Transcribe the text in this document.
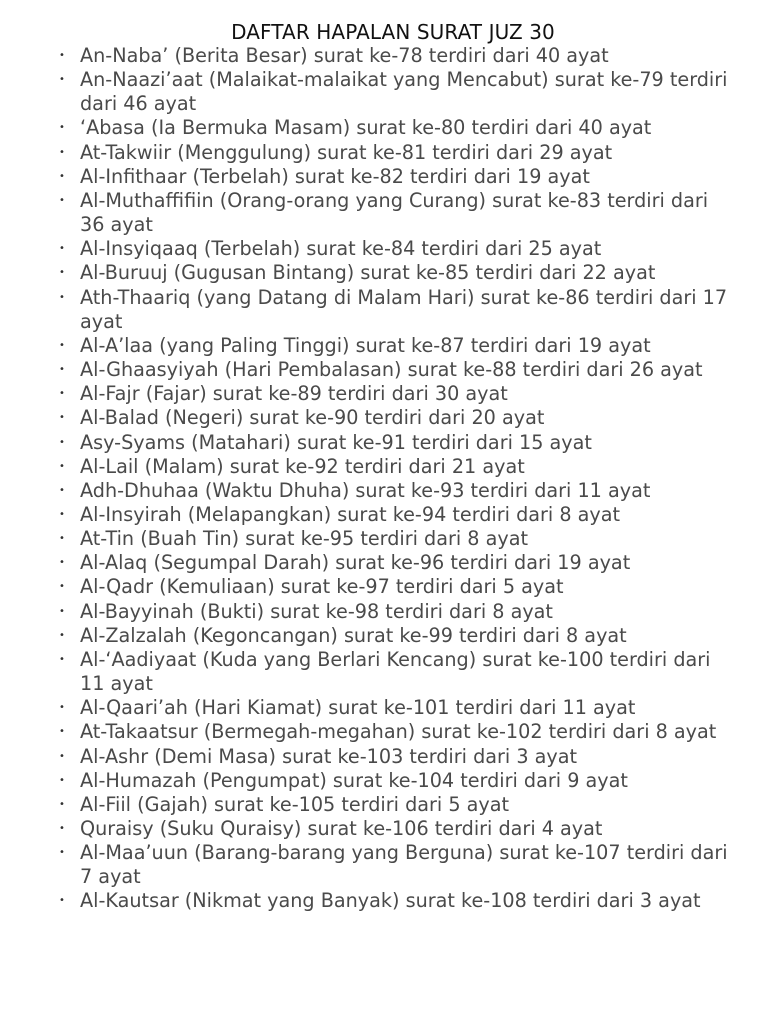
DAFTAR HAPALAN SURAT JUZ 30
• An-Naba’ (Berita Besar) surat ke-78 terdiri dari 40 ayat
• An-Naazi’aat (Malaikat-malaikat yang Mencabut) surat ke-79 terdiri dari 46 ayat
• ‘Abasa (Ia Bermuka Masam) surat ke-80 terdiri dari 40 ayat
• At-Takwiir (Menggulung) surat ke-81 terdiri dari 29 ayat
• Al-Infithaar (Terbelah) surat ke-82 terdiri dari 19 ayat
• Al-Muthaffifiin (Orang-orang yang Curang) surat ke-83 terdiri dari 36 ayat
• Al-Insyiqaaq (Terbelah) surat ke-84 terdiri dari 25 ayat
• Al-Buruuj (Gugusan Bintang) surat ke-85 terdiri dari 22 ayat
• Ath-Thaariq (yang Datang di Malam Hari) surat ke-86 terdiri dari 17 ayat
• Al-A’laa (yang Paling Tinggi) surat ke-87 terdiri dari 19 ayat
• Al-Ghaasyiyah (Hari Pembalasan) surat ke-88 terdiri dari 26 ayat
• Al-Fajr (Fajar) surat ke-89 terdiri dari 30 ayat
• Al-Balad (Negeri) surat ke-90 terdiri dari 20 ayat
• Asy-Syams (Matahari) surat ke-91 terdiri dari 15 ayat
• Al-Lail (Malam) surat ke-92 terdiri dari 21 ayat
• Adh-Dhuhaa (Waktu Dhuha) surat ke-93 terdiri dari 11 ayat
• Al-Insyirah (Melapangkan) surat ke-94 terdiri dari 8 ayat
• At-Tin (Buah Tin) surat ke-95 terdiri dari 8 ayat
• Al-Alaq (Segumpal Darah) surat ke-96 terdiri dari 19 ayat
• Al-Qadr (Kemuliaan) surat ke-97 terdiri dari 5 ayat
• Al-Bayyinah (Bukti) surat ke-98 terdiri dari 8 ayat
• Al-Zalzalah (Kegoncangan) surat ke-99 terdiri dari 8 ayat
• Al-‘Aadiyaat (Kuda yang Berlari Kencang) surat ke-100 terdiri dari 11 ayat
• Al-Qaari’ah (Hari Kiamat) surat ke-101 terdiri dari 11 ayat
• At-Takaatsur (Bermegah-megahan) surat ke-102 terdiri dari 8 ayat
• Al-Ashr (Demi Masa) surat ke-103 terdiri dari 3 ayat
• Al-Humazah (Pengumpat) surat ke-104 terdiri dari 9 ayat
• Al-Fiil (Gajah) surat ke-105 terdiri dari 5 ayat
• Quraisy (Suku Quraisy) surat ke-106 terdiri dari 4 ayat
• Al-Maa’uun (Barang-barang yang Berguna) surat ke-107 terdiri dari 7 ayat
• Al-Kautsar (Nikmat yang Banyak) surat ke-108 terdiri dari 3 ayat
